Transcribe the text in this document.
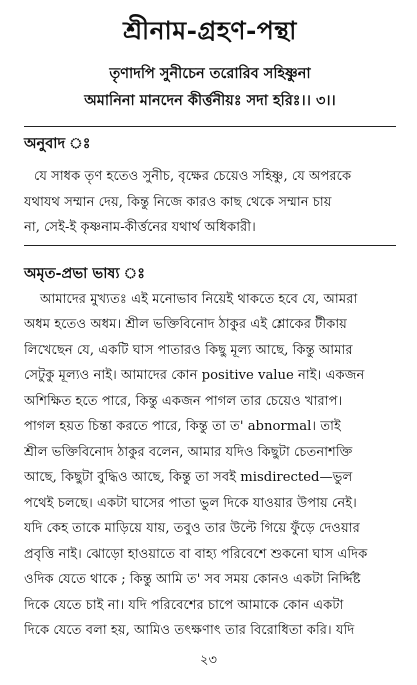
শ্রীনাম-গ্রহণ-পন্থা
তৃণাদপি সুনীচেন তরোরিব সহিষ্ণুনা
অমানিনা মানদেন কীর্ত্তনীয়ঃ সদা হরিঃ।। ৩।।
অনুবাদ ঃ
যে সাধক তৃণ হতেও সুনীচ, বৃক্ষের চেয়েও সহিষ্ণু, যে অপরকে
যথাযথ সম্মান দেয়, কিন্তু নিজে কারও কাছ থেকে সম্মান চায়
না, সেই-ই কৃষ্ণনাম-কীর্ত্তনের যথার্থ অধিকারী।
অমৃত-প্রভা ভাষ্য ঃ
আমাদের মুখ্যতঃ এই মনোভাব নিয়েই থাকতে হবে যে, আমরা
অধম হতেও অধম। শ্রীল ভক্তিবিনোদ ঠাকুর এই শ্লোকের টীকায়
লিখেছেন যে, একটি ঘাস পাতারও কিছু মূল্য আছে, কিন্তু আমার
সেটুকু মূল্যও নাই। আমাদের কোন positive value নাই। একজন
অশিক্ষিত হতে পারে, কিন্তু একজন পাগল তার চেয়েও খারাপ।
পাগল হয়ত চিন্তা করতে পারে, কিন্তু তা ত' abnormal। তাই
শ্রীল ভক্তিবিনোদ ঠাকুর বলেন, আমার যদিও কিছুটা চেতনাশক্তি
আছে, কিছুটা বুদ্ধিও আছে, কিন্তু তা সবই misdirected—ভুল
পথেই চলছে। একটা ঘাসের পাতা ভুল দিকে যাওয়ার উপায় নেই।
যদি কেহ তাকে মাড়িয়ে যায়, তবুও তার উল্টে গিয়ে ফুঁড়ে দেওয়ার
প্রবৃত্তি নাই। ঝোড়ো হাওয়াতে বা বাহ্য পরিবেশে শুকনো ঘাস এদিক
ওদিক যেতে থাকে ; কিন্তু আমি ত' সব সময় কোনও একটা নির্দ্দিষ্ট
দিকে যেতে চাই না। যদি পরিবেশের চাপে আমাকে কোন একটা
দিকে যেতে বলা হয়, আমিও তৎক্ষণাৎ তার বিরোধিতা করি। যদি
২৩
